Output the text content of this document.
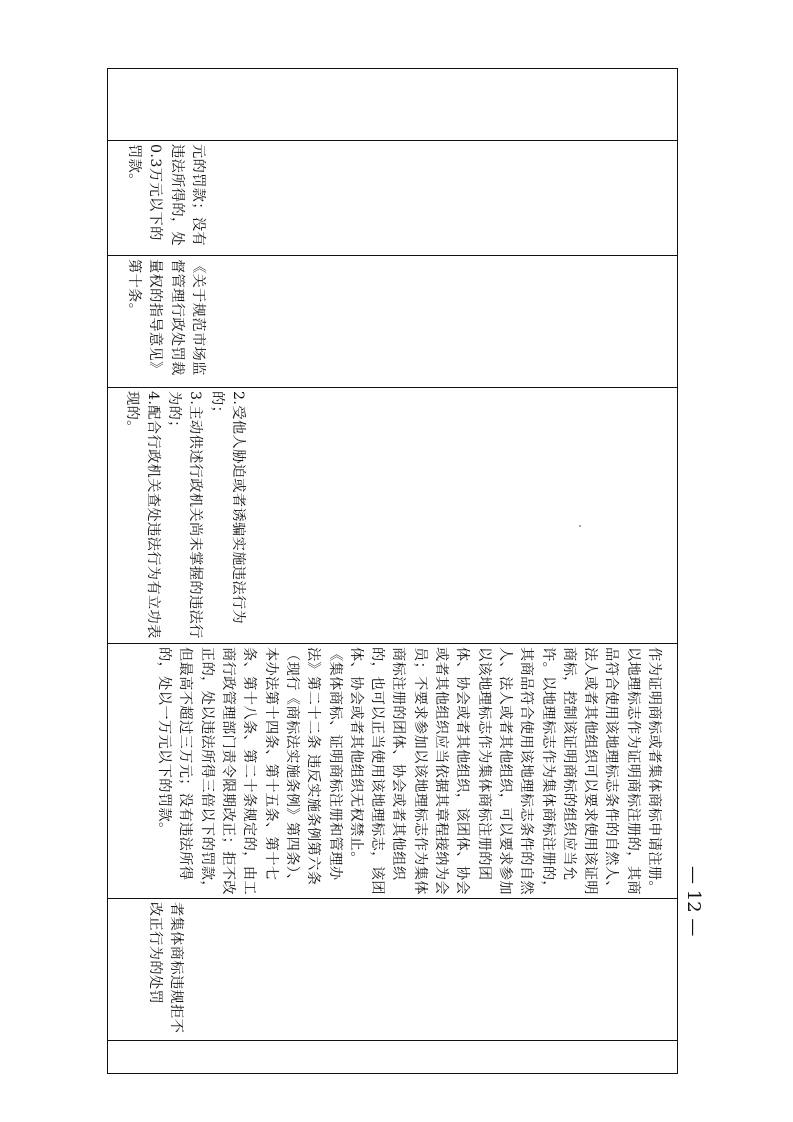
者集体商标违规拒不改正行为的处罚

作为证明商标或者集体商标申请注册。以地理标志作为证明商标注册的，其商品符合使用该地理标志条件的自然人、法人或者其他组织可以要求使用该证明商标，控制该证明商标的组织应当允许。以地理标志作为集体商标注册的，其商品符合使用该地理标志条件的自然人、法人或者其他组织，可以要求参加以该地理标志作为集体商标注册的团体、协会或者其他组织，该团体、协会或者其他组织应当依据其章程接纳为会员；不要求参加以该地理标志作为集体商标注册的团体、协会或者其他组织的，也可以正当使用该地理标志，该团体、协会或者其他组织无权禁止。

《集体商标、证明商标注册和管理办法》第二十二条 违反实施条例第六条（现行《商标法实施条例》第四条）、本办法第十四条、第十五条、第十七条、第十八条、第二十条规定的，由工商行政管理部门责令限期改正；拒不改正的，处以违法所得三倍以下的罚款，但最高不超过三万元；没有违法所得的，处以一万元以下的罚款。

2.受他人胁迫或者诱骗实施违法行为的；

3.主动供述行政机关尚未掌握的违法行为的；

4.配合行政机关查处违法行为有立功表现的。

《关于规范市场监督管理行政处罚裁量权的指导意见》第十条。

元的罚款；没有违法所得的，处0.3万元以下的罚款。

— 12 —
